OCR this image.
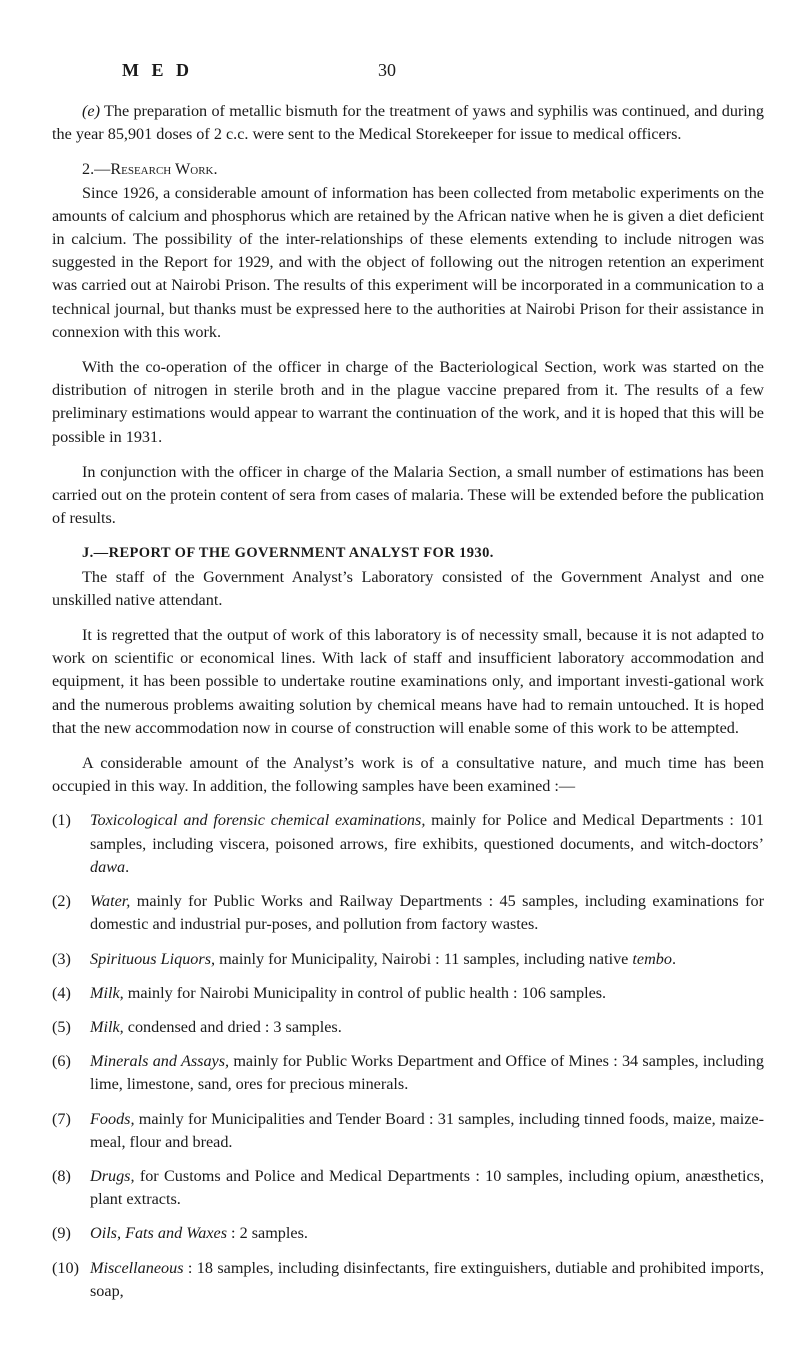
M E D	30

(e) The preparation of metallic bismuth for the treatment of yaws and syphilis was continued, and during the year 85,901 doses of 2 c.c. were sent to the Medical Storekeeper for issue to medical officers.

2.—Research Work.

Since 1926, a considerable amount of information has been collected from metabolic experiments on the amounts of calcium and phosphorus which are retained by the African native when he is given a diet deficient in calcium. The possibility of the inter-relationships of these elements extending to include nitrogen was suggested in the Report for 1929, and with the object of following out the nitrogen retention an experiment was carried out at Nairobi Prison. The results of this experiment will be incorporated in a communication to a technical journal, but thanks must be expressed here to the authorities at Nairobi Prison for their assistance in connexion with this work.

With the co-operation of the officer in charge of the Bacteriological Section, work was started on the distribution of nitrogen in sterile broth and in the plague vaccine prepared from it. The results of a few preliminary estimations would appear to warrant the continuation of the work, and it is hoped that this will be possible in 1931.

In conjunction with the officer in charge of the Malaria Section, a small number of estimations has been carried out on the protein content of sera from cases of malaria. These will be extended before the publication of results.

J.—REPORT OF THE GOVERNMENT ANALYST FOR 1930.

The staff of the Government Analyst’s Laboratory consisted of the Government Analyst and one unskilled native attendant.

It is regretted that the output of work of this laboratory is of necessity small, because it is not adapted to work on scientific or economical lines. With lack of staff and insufficient laboratory accommodation and equipment, it has been possible to undertake routine examinations only, and important investi-gational work and the numerous problems awaiting solution by chemical means have had to remain untouched. It is hoped that the new accommodation now in course of construction will enable some of this work to be attempted.

A considerable amount of the Analyst’s work is of a consultative nature, and much time has been occupied in this way. In addition, the following samples have been examined :—

(1) Toxicological and forensic chemical examinations, mainly for Police and Medical Departments : 101 samples, including viscera, poisoned arrows, fire exhibits, questioned documents, and witch-doctors’ dawa.
(2) Water, mainly for Public Works and Railway Departments : 45 samples, including examinations for domestic and industrial pur-poses, and pollution from factory wastes.
(3) Spirituous Liquors, mainly for Municipality, Nairobi : 11 samples, including native tembo.
(4) Milk, mainly for Nairobi Municipality in control of public health : 106 samples.
(5) Milk, condensed and dried : 3 samples.
(6) Minerals and Assays, mainly for Public Works Department and Office of Mines : 34 samples, including lime, limestone, sand, ores for precious minerals.
(7) Foods, mainly for Municipalities and Tender Board : 31 samples, including tinned foods, maize, maize-meal, flour and bread.
(8) Drugs, for Customs and Police and Medical Departments : 10 samples, including opium, anæsthetics, plant extracts.
(9) Oils, Fats and Waxes : 2 samples.
(10) Miscellaneous : 18 samples, including disinfectants, fire extinguishers, dutiable and prohibited imports, soap,
